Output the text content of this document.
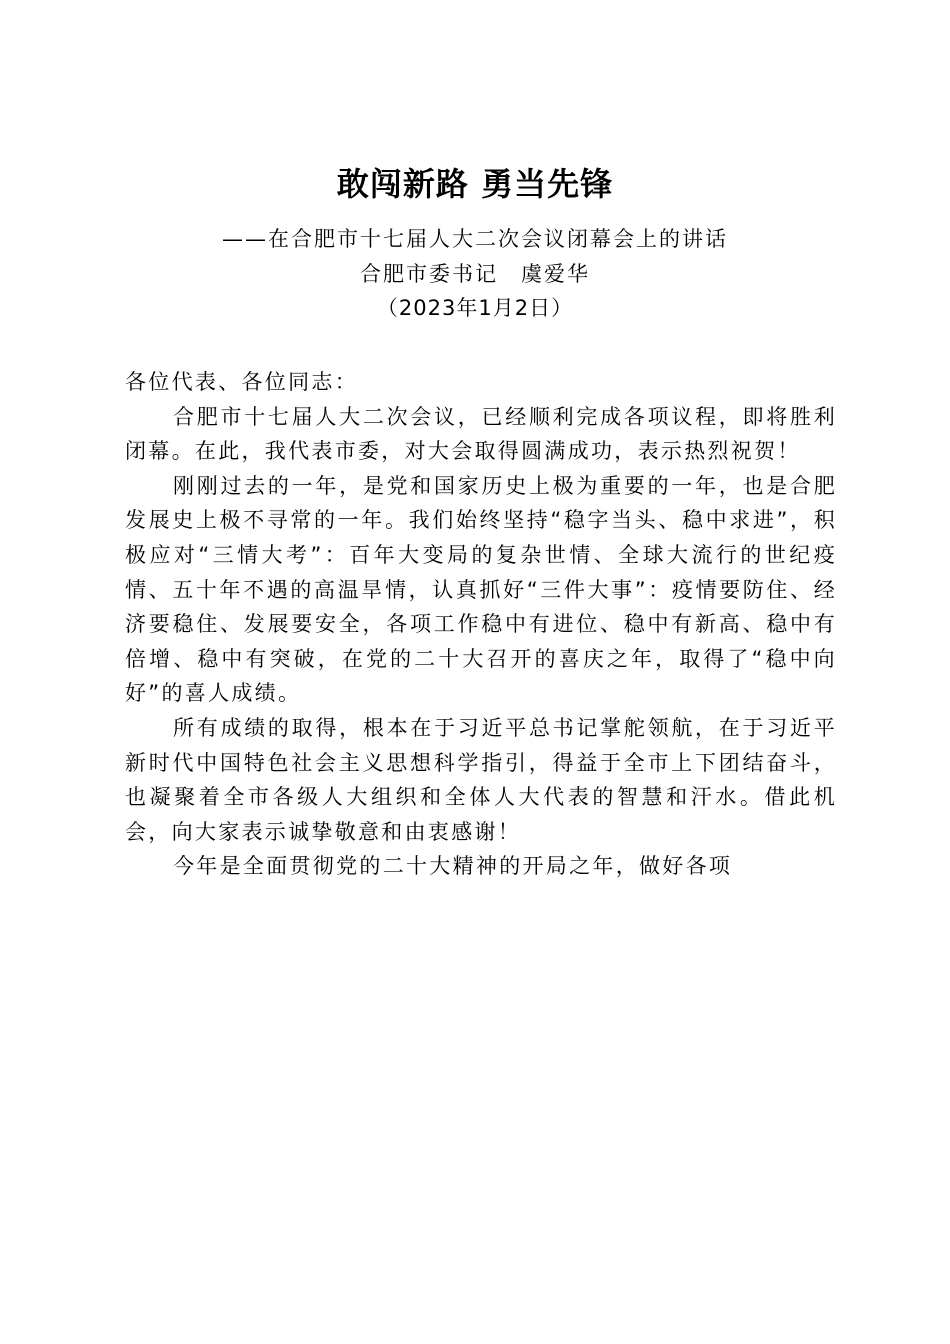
敢闯新路 勇当先锋
——在合肥市十七届人大二次会议闭幕会上的讲话
合肥市委书记　虞爱华
（2023年1月2日）

各位代表、各位同志：

合肥市十七届人大二次会议，已经顺利完成各项议程，即将胜利闭幕。在此，我代表市委，对大会取得圆满成功，表示热烈祝贺！

刚刚过去的一年，是党和国家历史上极为重要的一年，也是合肥发展史上极不寻常的一年。我们始终坚持“稳字当头、稳中求进”，积极应对“三情大考”：百年大变局的复杂世情、全球大流行的世纪疫情、五十年不遇的高温旱情，认真抓好“三件大事”：疫情要防住、经济要稳住、发展要安全，各项工作稳中有进位、稳中有新高、稳中有倍增、稳中有突破，在党的二十大召开的喜庆之年，取得了“稳中向好”的喜人成绩。

所有成绩的取得，根本在于习近平总书记掌舵领航，在于习近平新时代中国特色社会主义思想科学指引，得益于全市上下团结奋斗，也凝聚着全市各级人大组织和全体人大代表的智慧和汗水。借此机会，向大家表示诚挚敬意和由衷感谢！

今年是全面贯彻党的二十大精神的开局之年，做好各项
